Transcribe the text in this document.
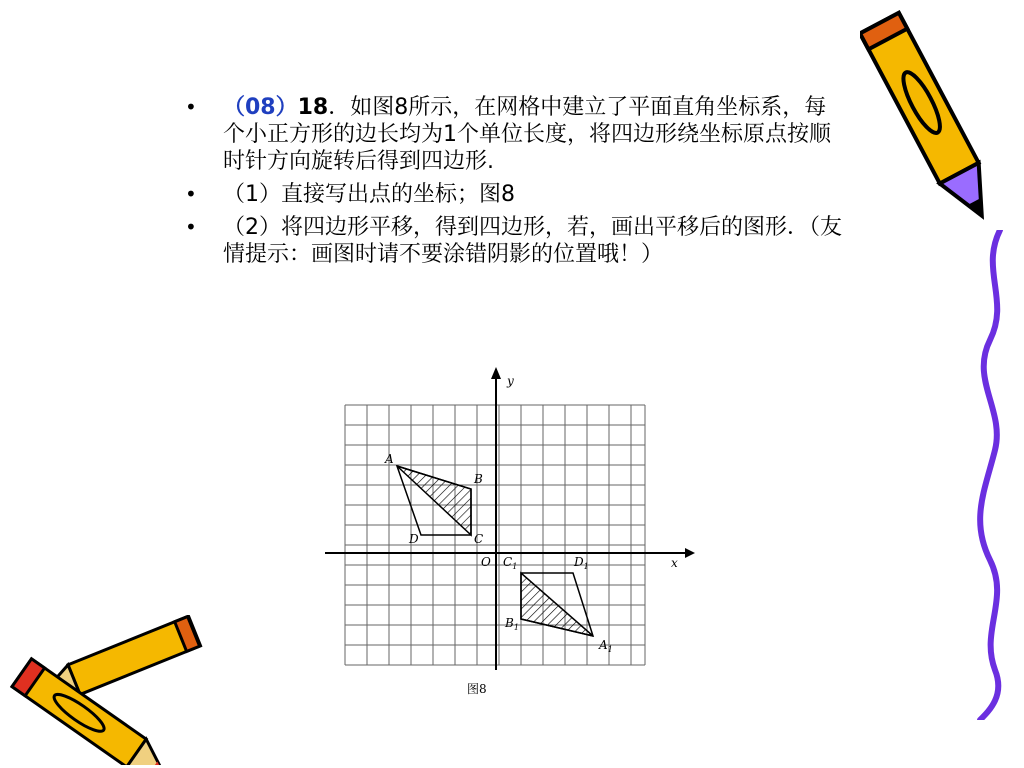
• （08）18．如图8所示，在网格中建立了平面直角坐标系，每个小正方形的边长均为1个单位长度，将四边形绕坐标原点按顺时针方向旋转后得到四边形.
• （1）直接写出点的坐标；图8
• （2）将四边形平移，得到四边形，若，画出平移后的图形．（友情提示：画图时请不要涂错阴影的位置哦！）
y
x
O
A
B
C
D
$C_1$	$D_1$
$B_1$
$A_1$
图8
